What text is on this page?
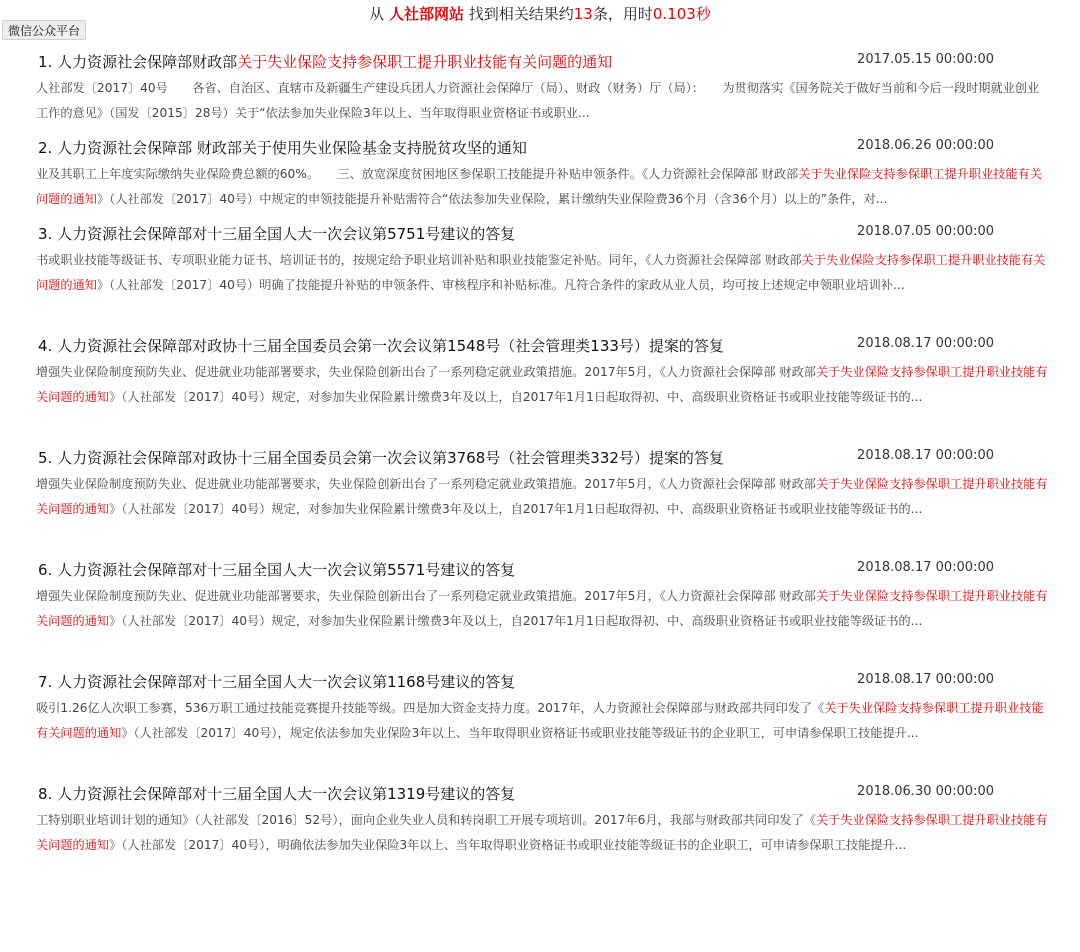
微信公众平台
从 人社部网站 找到相关结果约13条，用时0.103秒
1. 人力资源社会保障部财政部关于失业保险支持参保职工提升职业技能有关问题的通知	2017.05.15 00:00:00
人社部发〔2017〕40号　　各省、自治区、直辖市及新疆生产建设兵团人力资源社会保障厅（局）、财政（财务）厅（局）：　　为贯彻落实《国务院关于做好当前和今后一段时期就业创业工作的意见》（国发〔2015〕28号）关于“依法参加失业保险3年以上、当年取得职业资格证书或职业...
2. 人力资源社会保障部 财政部关于使用失业保险基金支持脱贫攻坚的通知	2018.06.26 00:00:00
业及其职工上年度实际缴纳失业保险费总额的60%。　　三、放宽深度贫困地区参保职工技能提升补贴申领条件。《人力资源社会保障部 财政部关于失业保险支持参保职工提升职业技能有关问题的通知》（人社部发〔2017〕40号）中规定的申领技能提升补贴需符合“依法参加失业保险，累计缴纳失业保险费36个月（含36个月）以上的”条件，对...
3. 人力资源社会保障部对十三届全国人大一次会议第5751号建议的答复	2018.07.05 00:00:00
书或职业技能等级证书、专项职业能力证书、培训证书的，按规定给予职业培训补贴和职业技能鉴定补贴。同年，《人力资源社会保障部 财政部关于失业保险支持参保职工提升职业技能有关问题的通知》（人社部发〔2017〕40号）明确了技能提升补贴的申领条件、审核程序和补贴标准。凡符合条件的家政从业人员，均可按上述规定申领职业培训补...
4. 人力资源社会保障部对政协十三届全国委员会第一次会议第1548号（社会管理类133号）提案的答复	2018.08.17 00:00:00
增强失业保险制度预防失业、促进就业功能部署要求，失业保险创新出台了一系列稳定就业政策措施。2017年5月，《人力资源社会保障部 财政部关于失业保险支持参保职工提升职业技能有关问题的通知》（人社部发〔2017〕40号）规定，对参加失业保险累计缴费3年及以上，自2017年1月1日起取得初、中、高级职业资格证书或职业技能等级证书的...
5. 人力资源社会保障部对政协十三届全国委员会第一次会议第3768号（社会管理类332号）提案的答复	2018.08.17 00:00:00
增强失业保险制度预防失业、促进就业功能部署要求，失业保险创新出台了一系列稳定就业政策措施。2017年5月，《人力资源社会保障部 财政部关于失业保险支持参保职工提升职业技能有关问题的通知》（人社部发〔2017〕40号）规定，对参加失业保险累计缴费3年及以上，自2017年1月1日起取得初、中、高级职业资格证书或职业技能等级证书的...
6. 人力资源社会保障部对十三届全国人大一次会议第5571号建议的答复	2018.08.17 00:00:00
增强失业保险制度预防失业、促进就业功能部署要求，失业保险创新出台了一系列稳定就业政策措施。2017年5月，《人力资源社会保障部 财政部关于失业保险支持参保职工提升职业技能有关问题的通知》（人社部发〔2017〕40号）规定，对参加失业保险累计缴费3年及以上，自2017年1月1日起取得初、中、高级职业资格证书或职业技能等级证书的...
7. 人力资源社会保障部对十三届全国人大一次会议第1168号建议的答复	2018.08.17 00:00:00
吸引1.26亿人次职工参赛，536万职工通过技能竞赛提升技能等级。四是加大资金支持力度。2017年，人力资源社会保障部与财政部共同印发了《关于失业保险支持参保职工提升职业技能有关问题的通知》（人社部发〔2017〕40号），规定依法参加失业保险3年以上、当年取得职业资格证书或职业技能等级证书的企业职工，可申请参保职工技能提升...
8. 人力资源社会保障部对十三届全国人大一次会议第1319号建议的答复	2018.06.30 00:00:00
工特别职业培训计划的通知》（人社部发〔2016〕52号），面向企业失业人员和转岗职工开展专项培训。2017年6月，我部与财政部共同印发了《关于失业保险支持参保职工提升职业技能有关问题的通知》（人社部发〔2017〕40号），明确依法参加失业保险3年以上、当年取得职业资格证书或职业技能等级证书的企业职工，可申请参保职工技能提升...
